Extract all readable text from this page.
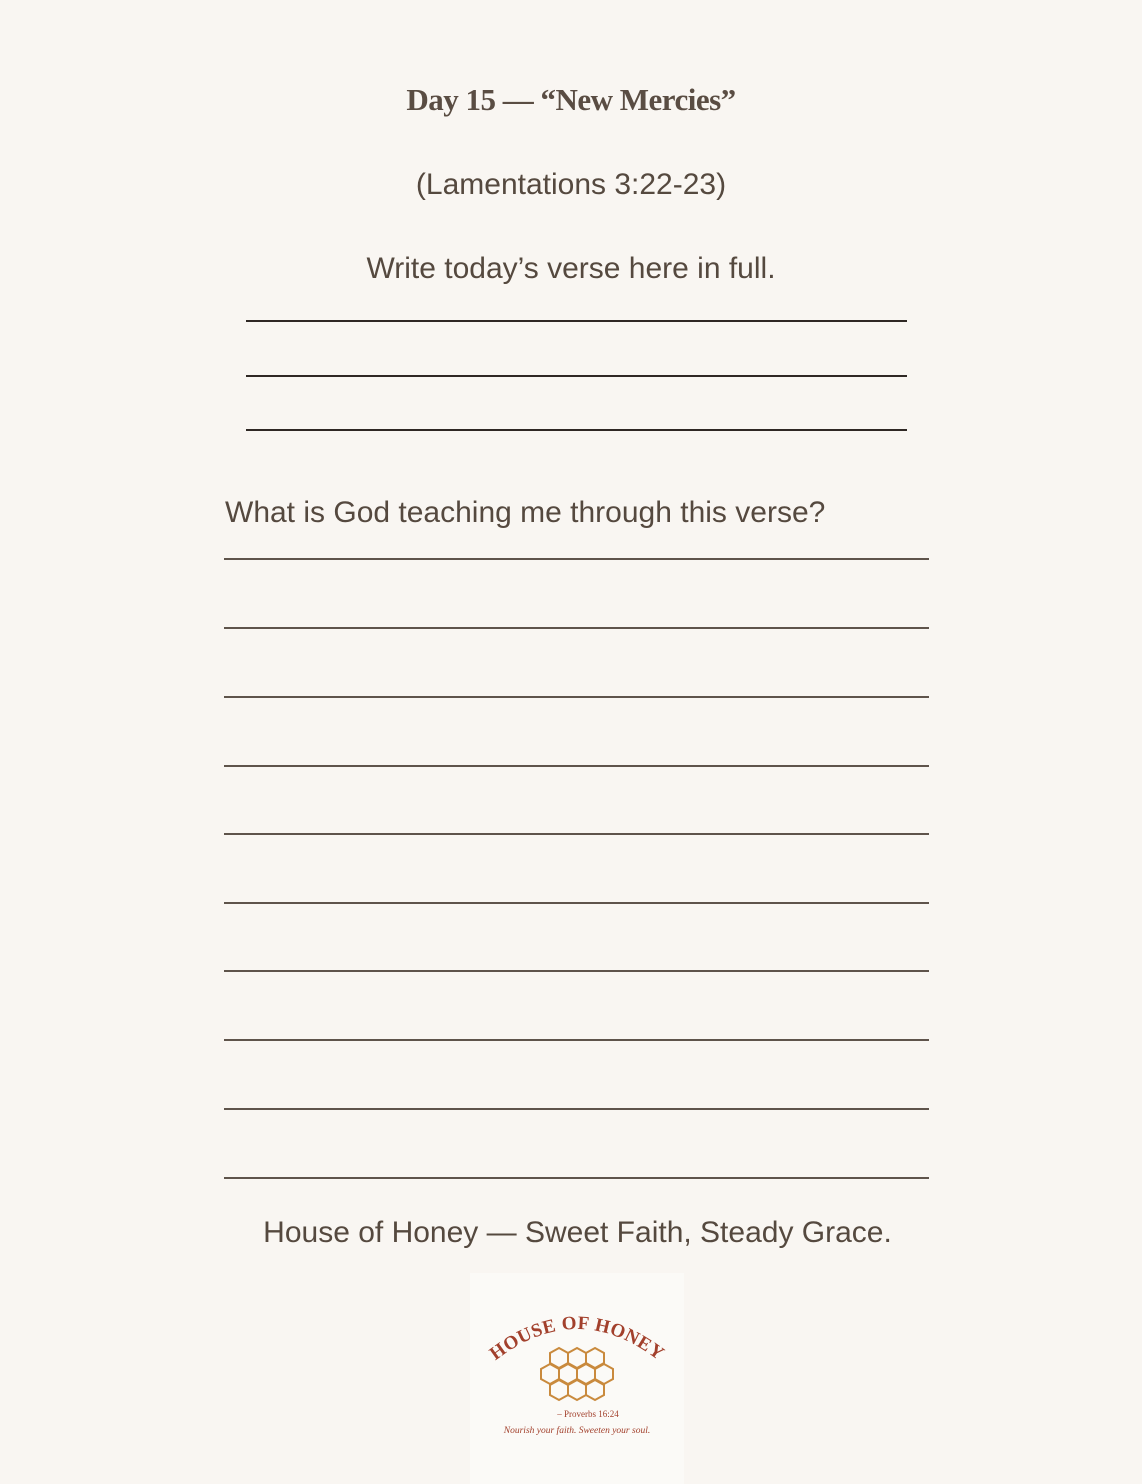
Day 15 — “New Mercies”
(Lamentations 3:22-23)
Write today’s verse here in full.
What is God teaching me through this verse?
House of Honey — Sweet Faith, Steady Grace.
HOUSE OF HONEY
– Proverbs 16:24
Nourish your faith. Sweeten your soul.
